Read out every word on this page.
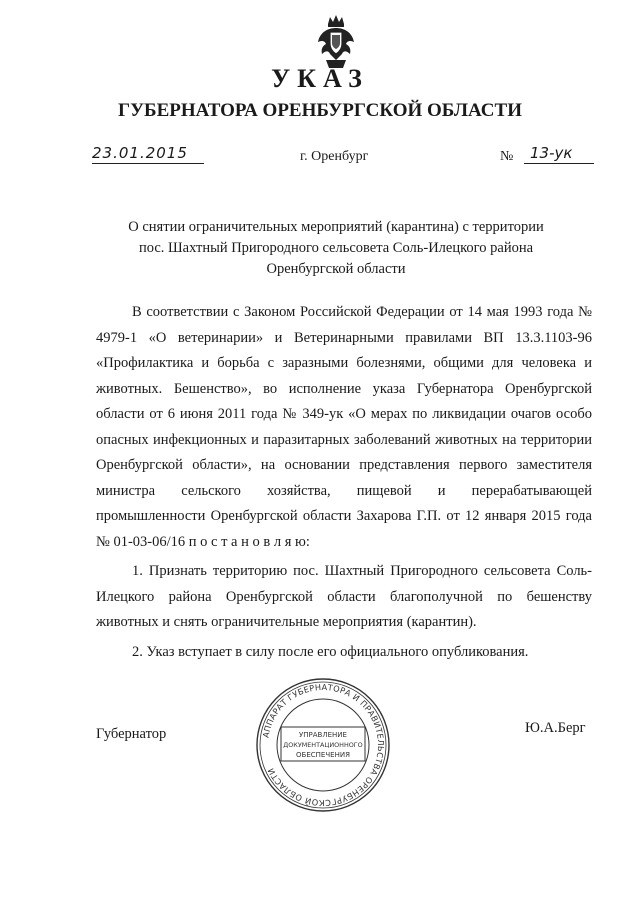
УКАЗ
ГУБЕРНАТОРА ОРЕНБУРГСКОЙ ОБЛАСТИ
23.01.2015	г. Оренбург	№	13-ук
О снятии ограничительных мероприятий (карантина) с территории
пос. Шахтный Пригородного сельсовета Соль-Илецкого района
Оренбургской области

В соответствии с Законом Российской Федерации от 14 мая 1993 года № 4979-1 «О ветеринарии» и Ветеринарными правилами ВП 13.3.1103-96 «Профилактика и борьба с заразными болезнями, общими для человека и животных. Бешенство», во исполнение указа Губернатора Оренбургской области от 6 июня 2011 года № 349-ук «О мерах по ликвидации очагов особо опасных инфекционных и паразитарных заболеваний животных на территории Оренбургской области», на основании представления первого заместителя министра сельского хозяйства, пищевой и перерабатывающей промышленности Оренбургской области Захарова Г.П. от 12 января 2015 года № 01-03-06/16 п о с т а н о в л я ю:

1. Признать территорию пос. Шахтный Пригородного сельсовета Соль-Илецкого района Оренбургской области благополучной по бешенству животных и снять ограничительные мероприятия (карантин).

2. Указ вступает в силу после его официального опубликования.

Губернатор	Ю.А.Берг
АППАРАТ ГУБЕРНАТОРА И ПРАВИТЕЛЬСТВА ОРЕНБУРГСКОЙ ОБЛАСТИ
УПРАВЛЕНИЕ
ДОКУМЕНТАЦИОННОГО
ОБЕСПЕЧЕНИЯ
